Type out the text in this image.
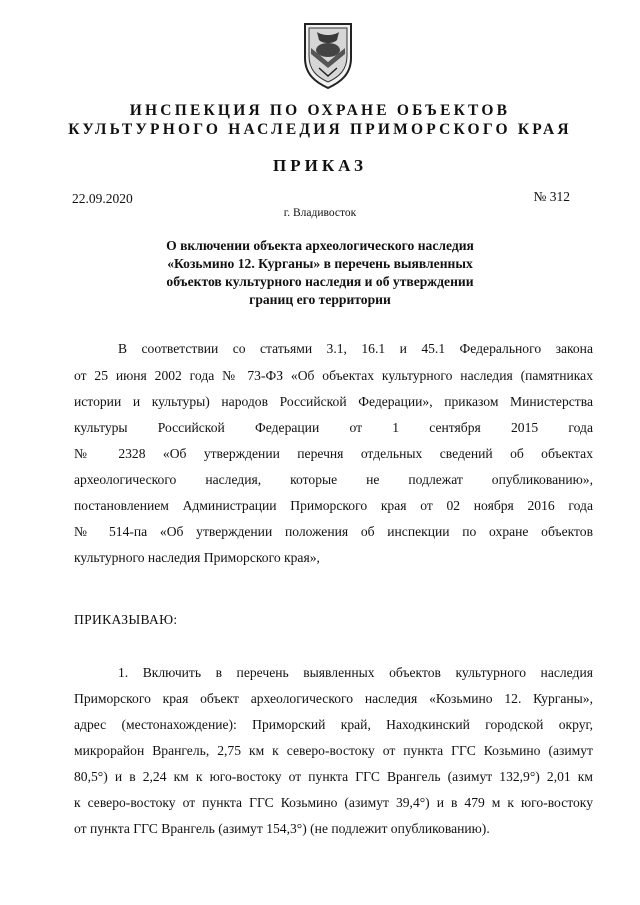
ИНСПЕКЦИЯ ПО ОХРАНЕ ОБЪЕКТОВ
КУЛЬТУРНОГО НАСЛЕДИЯ ПРИМОРСКОГО КРАЯ
ПРИКАЗ
22.09.2020	№ 312
г. Владивосток
О включении объекта археологического наследия
«Козьмино 12. Курганы» в перечень выявленных
объектов культурного наследия и об утверждении
границ его территории
В соответствии со статьями 3.1, 16.1 и 45.1 Федерального закона
от 25 июня 2002 года № 73-ФЗ «Об объектах культурного наследия (памятниках
истории и культуры) народов Российской Федерации», приказом Министерства
культуры Российской Федерации от 1 сентября 2015 года
№ 2328 «Об утверждении перечня отдельных сведений об объектах
археологического наследия, которые не подлежат опубликованию»,
постановлением Администрации Приморского края от 02 ноября 2016 года
№ 514-па «Об утверждении положения об инспекции по охране объектов
культурного наследия Приморского края»,
ПРИКАЗЫВАЮ:
1. Включить в перечень выявленных объектов культурного наследия
Приморского края объект археологического наследия «Козьмино 12. Курганы»,
адрес (местонахождение): Приморский край, Находкинский городской округ,
микрорайон Врангель, 2,75 км к северо-востоку от пункта ГГС Козьмино (азимут
80,5°) и в 2,24 км к юго-востоку от пункта ГГС Врангель (азимут 132,9°) 2,01 км
к северо-востоку от пункта ГГС Козьмино (азимут 39,4°) и в 479 м к юго-востоку
от пункта ГГС Врангель (азимут 154,3°) (не подлежит опубликованию).
